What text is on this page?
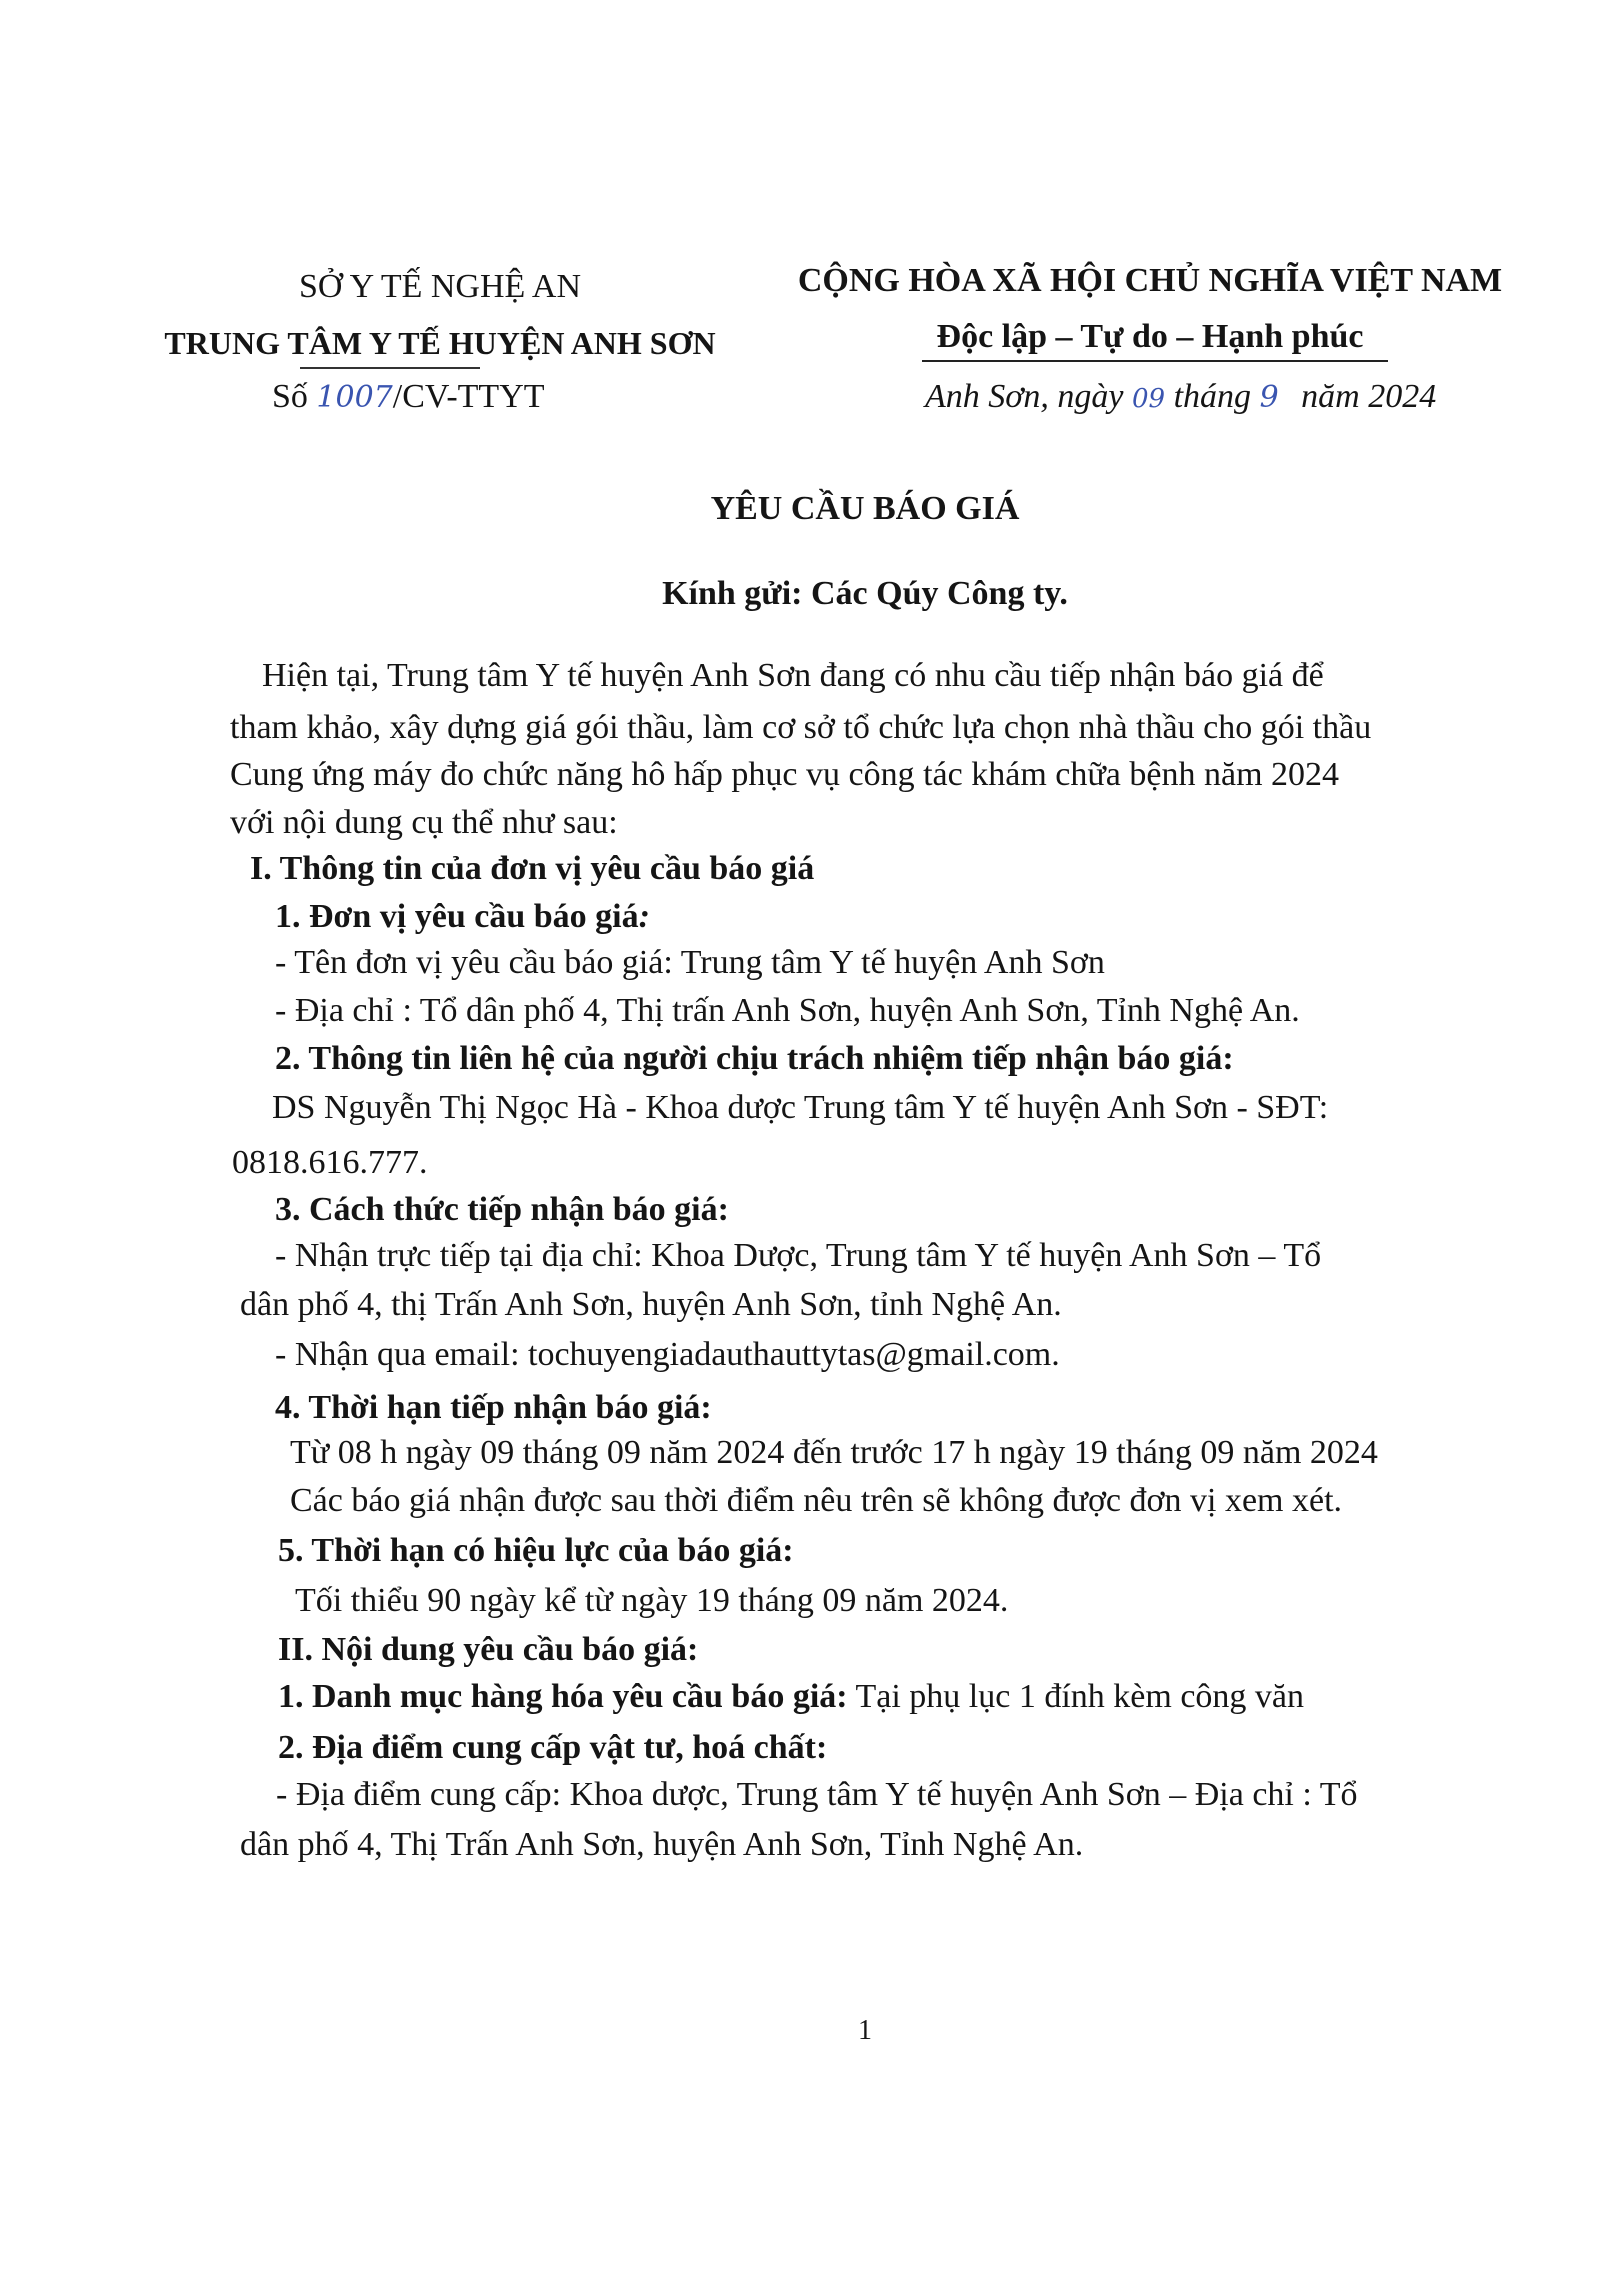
SỞ Y TẾ NGHỆ AN
TRUNG TÂM Y TẾ HUYỆN ANH SƠN
Số 1007/CV-TTYT
CỘNG HÒA XÃ HỘI CHỦ NGHĨA VIỆT NAM
Độc lập – Tự do – Hạnh phúc
Anh Sơn, ngày 09 tháng 9 năm 2024
YÊU CẦU BÁO GIÁ
Kính gửi: Các Qúy Công ty.
Hiện tại, Trung tâm Y tế huyện Anh Sơn đang có nhu cầu tiếp nhận báo giá để
tham khảo, xây dựng giá gói thầu, làm cơ sở tổ chức lựa chọn nhà thầu cho gói thầu
Cung ứng máy đo chức năng hô hấp phục vụ công tác khám chữa bệnh năm 2024
với nội dung cụ thể như sau:
I. Thông tin của đơn vị yêu cầu báo giá
1. Đơn vị yêu cầu báo giá:
- Tên đơn vị yêu cầu báo giá: Trung tâm Y tế huyện Anh Sơn
- Địa chỉ : Tổ dân phố 4, Thị trấn Anh Sơn, huyện Anh Sơn, Tỉnh Nghệ An.
2. Thông tin liên hệ của người chịu trách nhiệm tiếp nhận báo giá:
DS Nguyễn Thị Ngọc Hà - Khoa dược Trung tâm Y tế huyện Anh Sơn - SĐT:
0818.616.777.
3. Cách thức tiếp nhận báo giá:
- Nhận trực tiếp tại địa chỉ: Khoa Dược, Trung tâm Y tế huyện Anh Sơn – Tổ
dân phố 4, thị Trấn Anh Sơn, huyện Anh Sơn, tỉnh Nghệ An.
- Nhận qua email: tochuyengiadauthauttytas@gmail.com.
4. Thời hạn tiếp nhận báo giá:
Từ 08 h ngày 09 tháng 09 năm 2024 đến trước 17 h ngày 19 tháng 09 năm 2024
Các báo giá nhận được sau thời điểm nêu trên sẽ không được đơn vị xem xét.
5. Thời hạn có hiệu lực của báo giá:
Tối thiểu 90 ngày kể từ ngày 19 tháng 09 năm 2024.
II. Nội dung yêu cầu báo giá:
1. Danh mục hàng hóa yêu cầu báo giá: Tại phụ lục 1 đính kèm công văn
2. Địa điểm cung cấp vật tư, hoá chất:
- Địa điểm cung cấp: Khoa dược, Trung tâm Y tế huyện Anh Sơn – Địa chỉ : Tổ
dân phố 4, Thị Trấn Anh Sơn, huyện Anh Sơn, Tỉnh Nghệ An.
1
